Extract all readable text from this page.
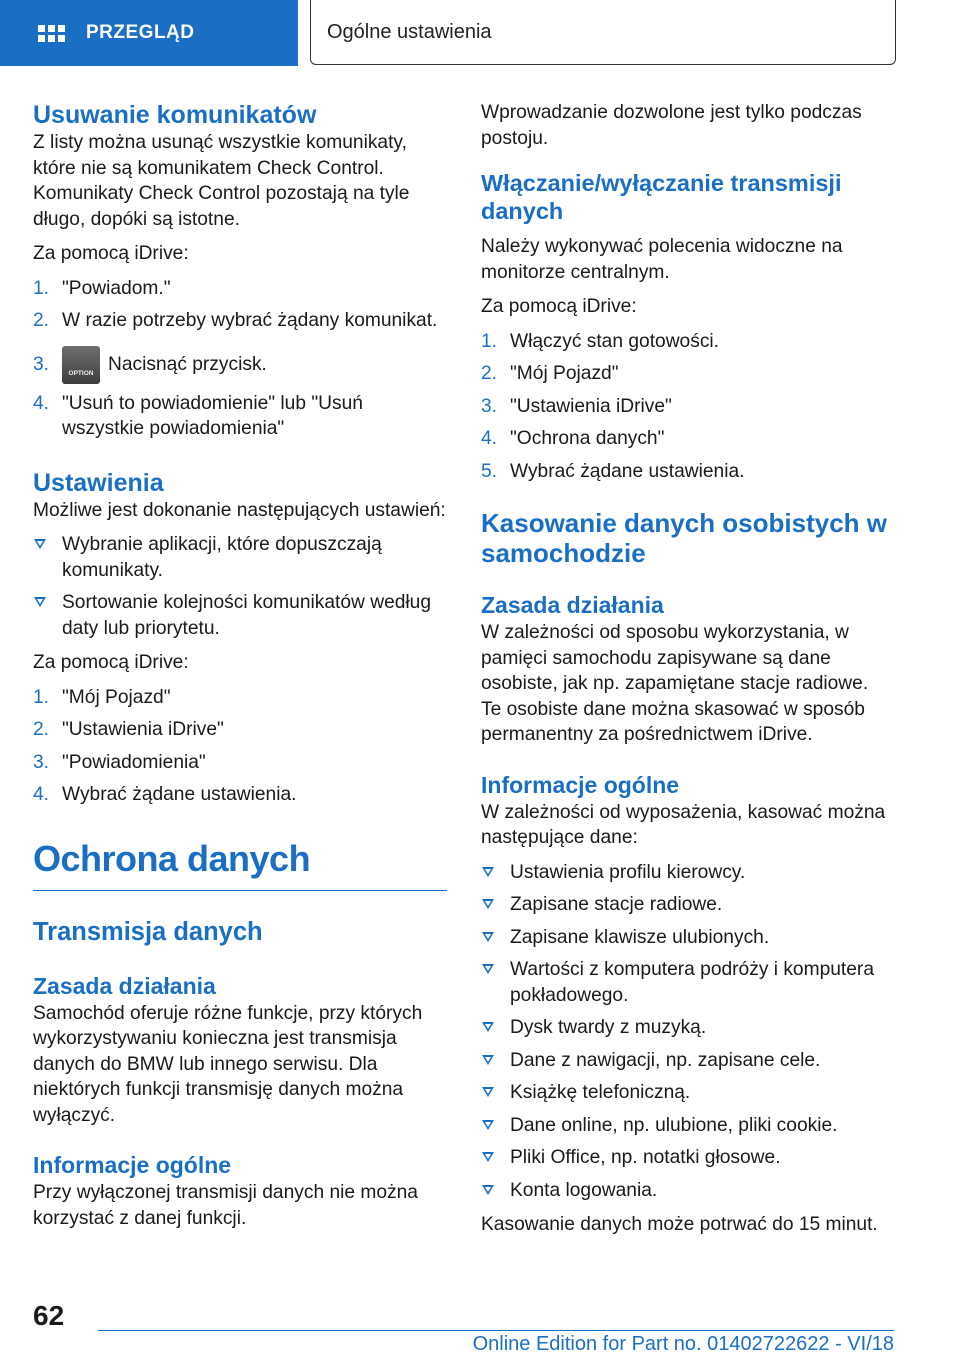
PRZEGLĄD	Ogólne ustawienia
Usuwanie komunikatów

Z listy można usunąć wszystkie komunikaty, które nie są komunikatem Check Control. Komunikaty Check Control pozostają na tyle długo, dopóki są istotne.

Za pomocą iDrive:

1. "Powiadom."
2. W razie potrzeby wybrać żądany komunikat.
3.	OPTION Nacisnąć przycisk.
4. "Usuń to powiadomienie" lub "Usuń wszystkie powiadomienia"
Ustawienia

Możliwe jest dokonanie następujących ustawień:

Wybranie aplikacji, które dopuszczają komunikaty.
Sortowanie kolejności komunikatów według daty lub priorytetu.

Za pomocą iDrive:

1. "Mój Pojazd"
2. "Ustawienia iDrive"
3. "Powiadomienia"
4. Wybrać żądane ustawienia.
Ochrona danych
Transmisja danych
Zasada działania

Samochód oferuje różne funkcje, przy których wykorzystywaniu konieczna jest transmisja danych do BMW lub innego serwisu. Dla niektórych funkcji transmisję danych można wyłączyć.

Informacje ogólne

Przy wyłączonej transmisji danych nie można korzystać z danej funkcji.

Wprowadzanie dozwolone jest tylko podczas postoju.

Włączanie/wyłączanie transmisji danych

Należy wykonywać polecenia widoczne na monitorze centralnym.

Za pomocą iDrive:

1. Włączyć stan gotowości.
2. "Mój Pojazd"
3. "Ustawienia iDrive"
4. "Ochrona danych"
5. Wybrać żądane ustawienia.
Kasowanie danych osobistych w samochodzie
Zasada działania

W zależności od sposobu wykorzystania, w pamięci samochodu zapisywane są dane osobiste, jak np. zapamiętane stacje radiowe. Te osobiste dane można skasować w sposób permanentny za pośrednictwem iDrive.

Informacje ogólne

W zależności od wyposażenia, kasować można następujące dane:

Ustawienia profilu kierowcy.
Zapisane stacje radiowe.
Zapisane klawisze ulubionych.
Wartości z komputera podróży i komputera pokładowego.
Dysk twardy z muzyką.
Dane z nawigacji, np. zapisane cele.
Książkę telefoniczną.
Dane online, np. ulubione, pliki cookie.
Pliki Office, np. notatki głosowe.
Konta logowania.

Kasowanie danych może potrwać do 15 minut.

62
Online Edition for Part no. 01402722622 - VI/18
